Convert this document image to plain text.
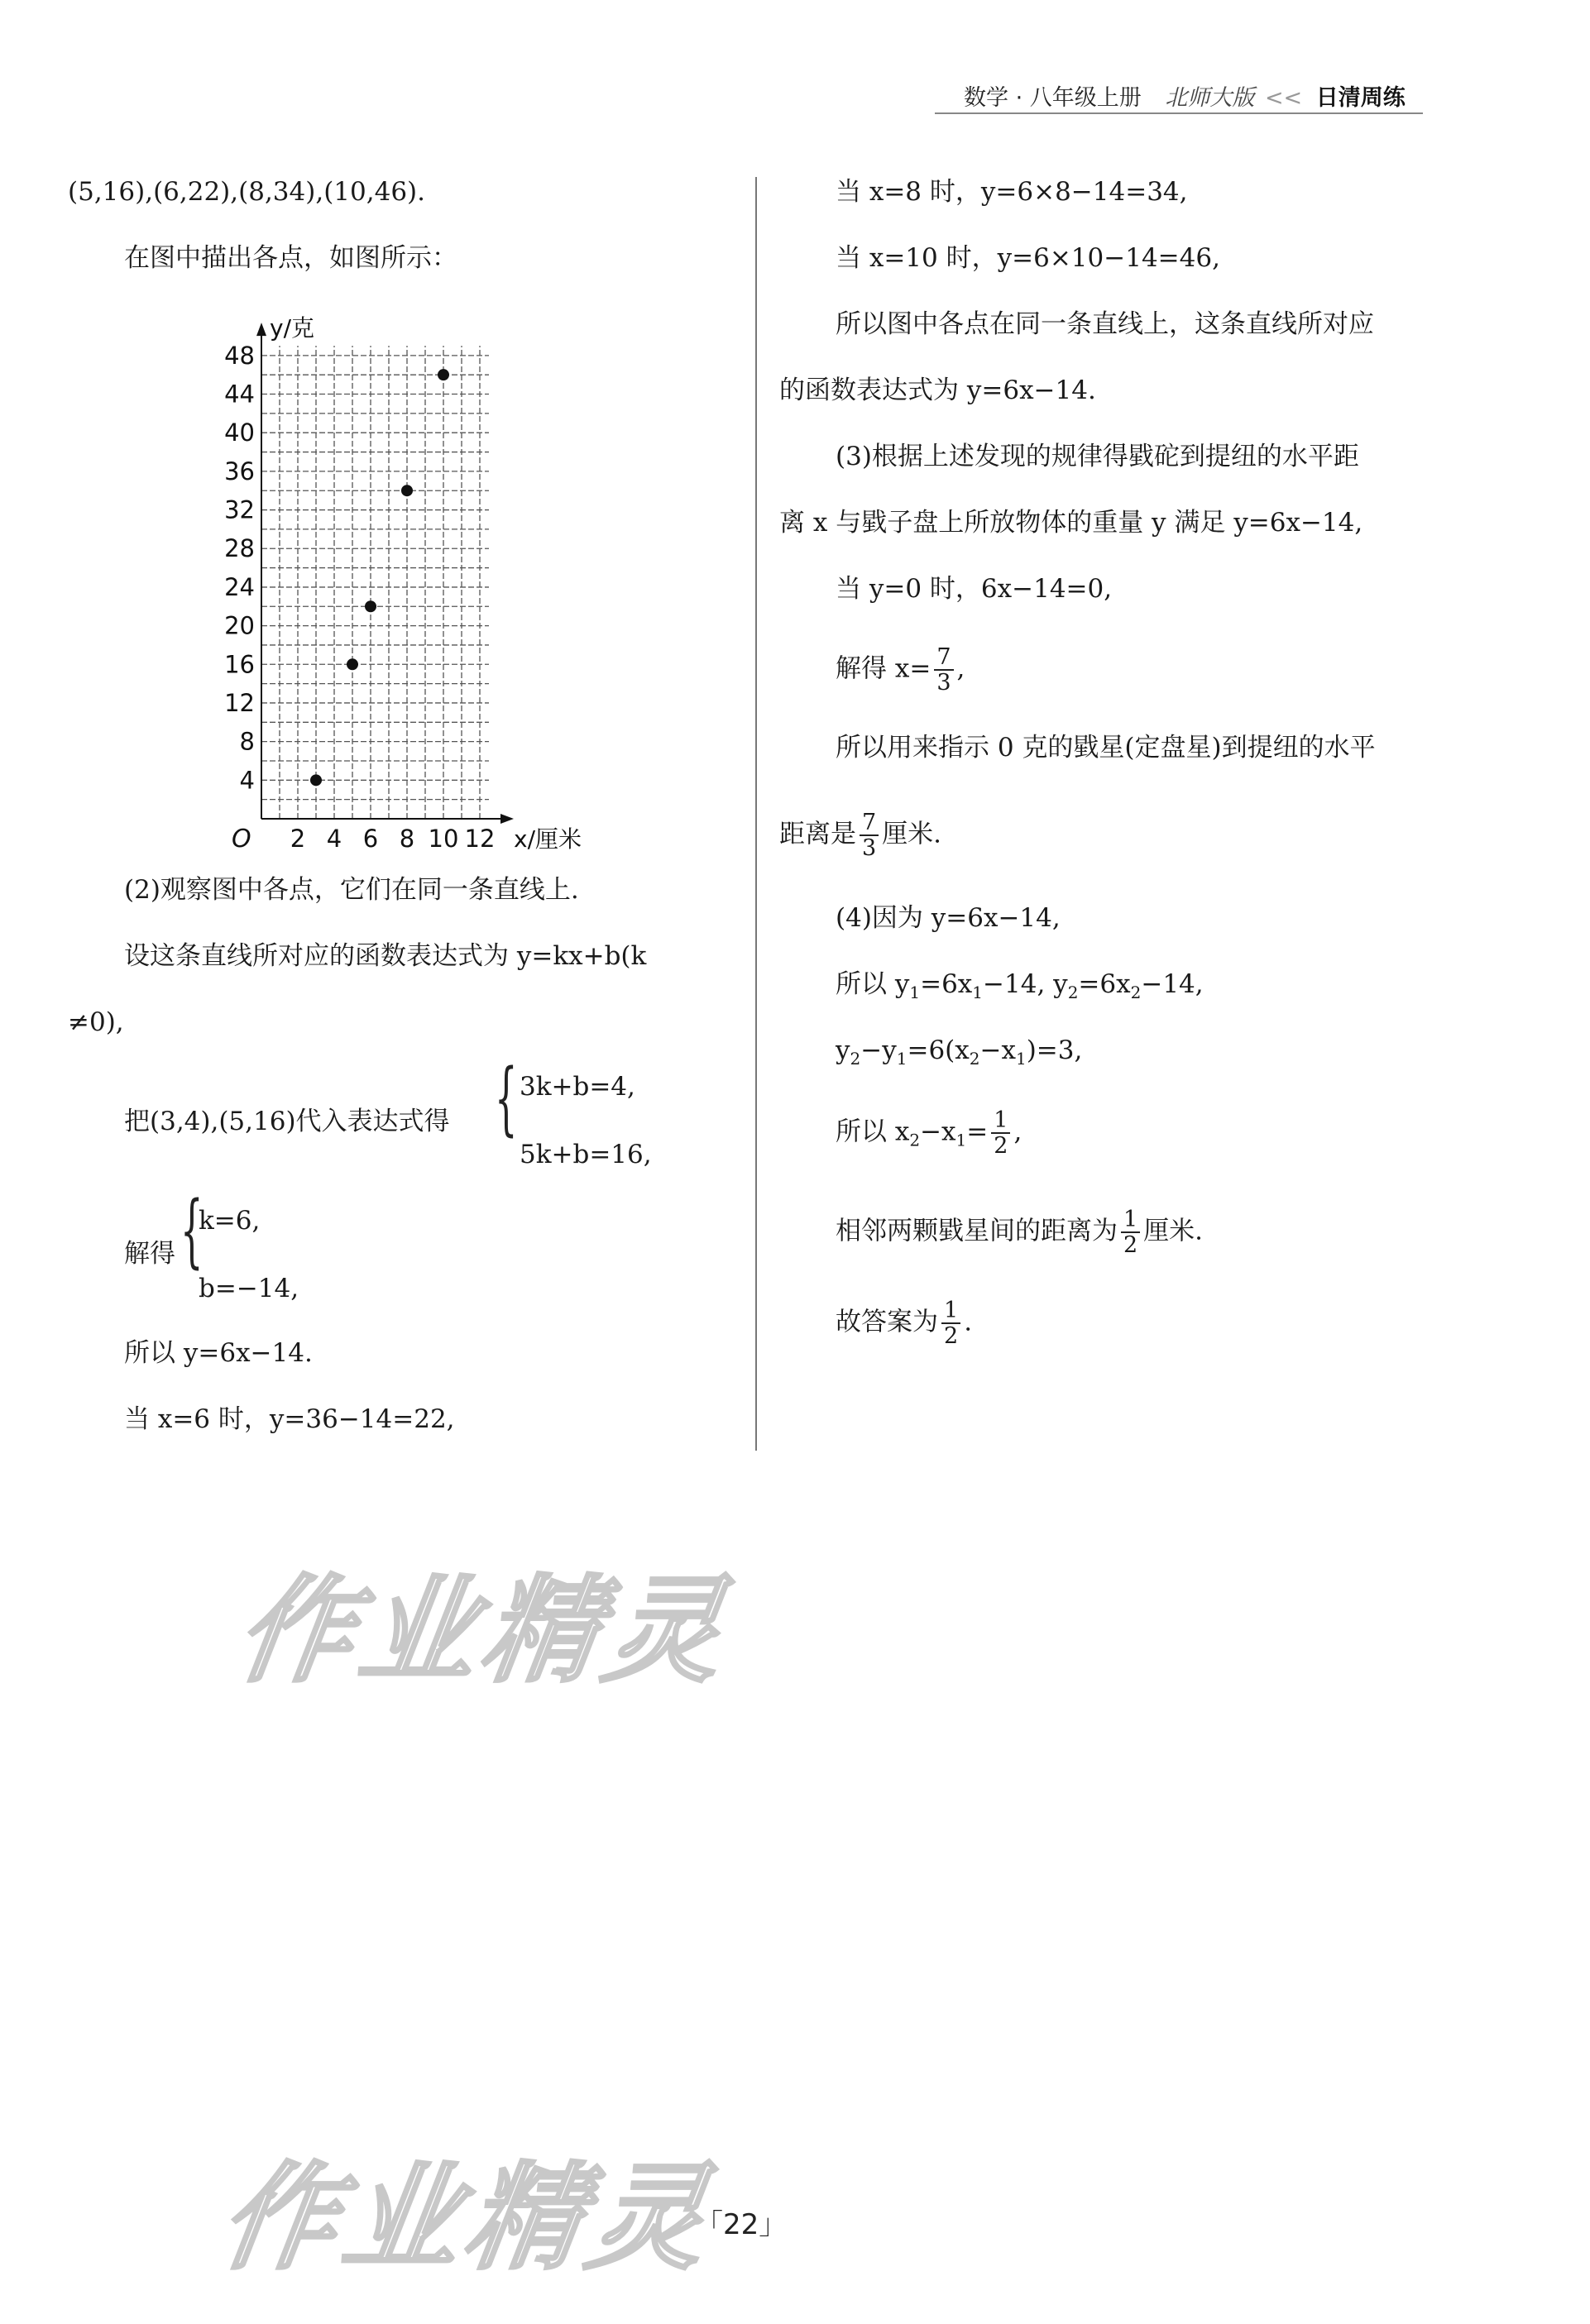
数学 · 八年级上册 北师大版 << 日清周练
(5,16),(6,22),(8,34),(10,46).
在图中描出各点，如图所示：
y/克
x/厘米
O 2 4 6 8 10 12
4
8
12
16
20
24
28
32
36
40
44
48
(2)观察图中各点，它们在同一条直线上.
设这条直线所对应的函数表达式为 y=kx+b(k
≠0),
把(3,4),(5,16)代入表达式得 { 3k+b=4,
5k+b=16,
解得 {
k=6,
b=−14,
所以 y=6x−14.
当 x=6 时，y=36−14=22,
当 x=8 时，y=6×8−14=34,
当 x=10 时，y=6×10−14=46,
所以图中各点在同一条直线上，这条直线所对应
的函数表达式为 y=6x−14.
(3)根据上述发现的规律得戥砣到提纽的水平距
离 x 与戥子盘上所放物体的重量 y 满足 y=6x−14,
当 y=0 时，6x−14=0,
解得 $x= \frac{7}{3}$ ,
所以用来指示 0 克的戥星(定盘星)到提纽的水平
距离是 $\frac{7}{3}$ 厘米.
(4)因为 y=6x−14,
所以 $y_1=6x_1-14$, $y_2=6x_2-14$,
$y_2-y_1=6(x_2-x_1)=3$,
所以 $x_2-x_1= \frac{1}{2}$ ,
相邻两颗戥星间的距离为 $\frac{1}{2}$ 厘米.
故答案为 $\frac{1}{2}$ .
作业精灵
作业精灵
「22」
